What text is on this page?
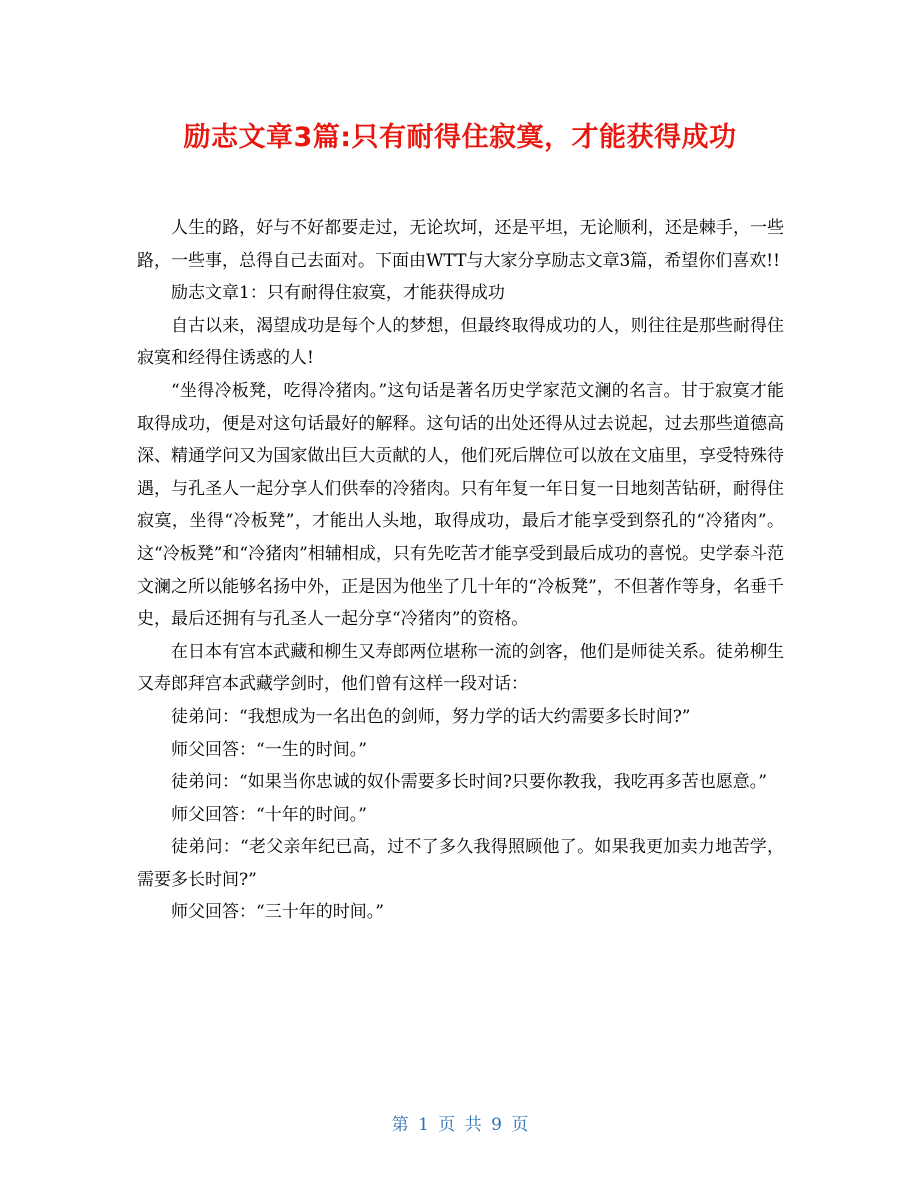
励志文章3篇:只有耐得住寂寞，才能获得成功

人生的路，好与不好都要走过，无论坎坷，还是平坦，无论顺利，还是棘手，一些路，一些事，总得自己去面对。下面由WTT与大家分享励志文章3篇，希望你们喜欢!!

励志文章1：只有耐得住寂寞，才能获得成功

自古以来，渴望成功是每个人的梦想，但最终取得成功的人，则往往是那些耐得住寂寞和经得住诱惑的人!

“坐得冷板凳，吃得冷猪肉。”这句话是著名历史学家范文澜的名言。甘于寂寞才能取得成功，便是对这句话最好的解释。这句话的出处还得从过去说起，过去那些道德高深、精通学问又为国家做出巨大贡献的人，他们死后牌位可以放在文庙里，享受特殊待遇，与孔圣人一起分享人们供奉的冷猪肉。只有年复一年日复一日地刻苦钻研，耐得住寂寞，坐得“冷板凳”，才能出人头地，取得成功，最后才能享受到祭孔的“冷猪肉”。这“冷板凳”和“冷猪肉”相辅相成，只有先吃苦才能享受到最后成功的喜悦。史学泰斗范文澜之所以能够名扬中外，正是因为他坐了几十年的“冷板凳”，不但著作等身，名垂千史，最后还拥有与孔圣人一起分享“冷猪肉”的资格。

在日本有宫本武藏和柳生又寿郎两位堪称一流的剑客，他们是师徒关系。徒弟柳生又寿郎拜宫本武藏学剑时，他们曾有这样一段对话：

徒弟问：“我想成为一名出色的剑师，努力学的话大约需要多长时间?”

师父回答：“一生的时间。”

徒弟问：“如果当你忠诚的奴仆需要多长时间?只要你教我，我吃再多苦也愿意。”

师父回答：“十年的时间。”

徒弟问：“老父亲年纪已高，过不了多久我得照顾他了。如果我更加卖力地苦学，需要多长时间?”

师父回答：“三十年的时间。”

第 1 页 共 9 页
